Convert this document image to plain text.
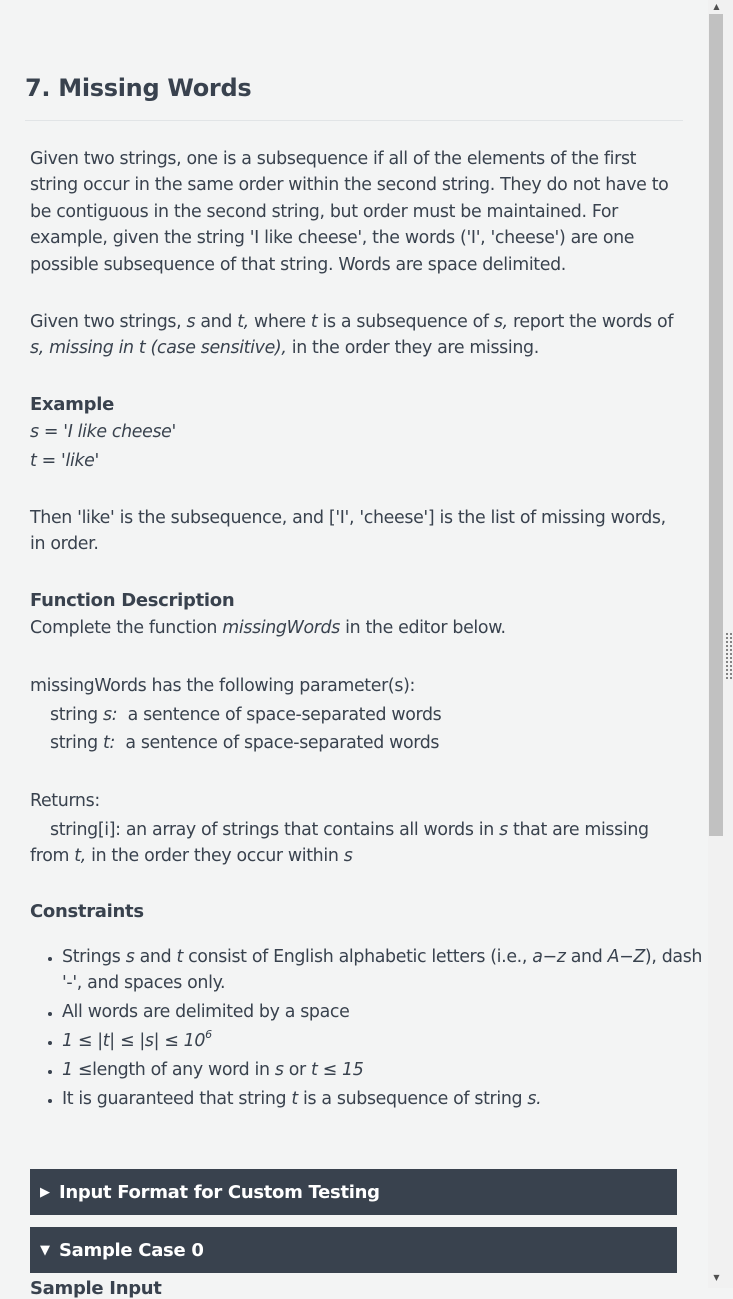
7. Missing Words

Given two strings, one is a subsequence if all of the elements of the first string occur in the same order within the second string. They do not have to be contiguous in the second string, but order must be maintained. For example, given the string 'I like cheese', the words ('I', 'cheese') are one possible subsequence of that string. Words are space delimited.

Given two strings, s and t, where t is a subsequence of s, report the words of s, missing in t (case sensitive), in the order they are missing.

Example
s = 'I like cheese'
t = 'like'

Then 'like' is the subsequence, and ['I', 'cheese'] is the list of missing words, in order.

Function Description
Complete the function missingWords in the editor below.
missingWords has the following parameter(s):
string s:  a sentence of space-separated words
string t:  a sentence of space-separated words
Returns:

string[i]: an array of strings that contains all words in s that are missing from t, in the order they occur within s

Constraints
• Strings s and t consist of English alphabetic letters (i.e., a−z and A−Z), dash '-', and spaces only.
• All words are delimited by a space
• $1 \le |t| \le |s| \le 10^6$
• 1 ≤length of any word in s or t ≤ 15
• It is guaranteed that string t is a subsequence of string s.
▶ Input Format for Custom Testing
▼ Sample Case 0
Sample Input
▲
▼
